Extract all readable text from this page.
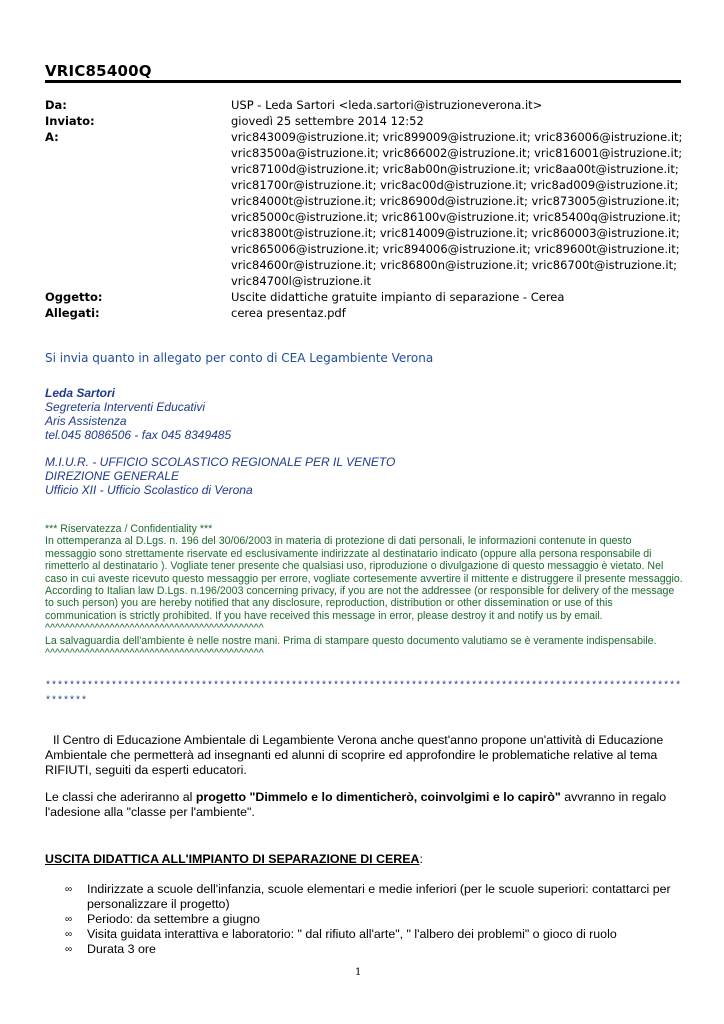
VRIC85400Q
Da:	USP - Leda Sartori <leda.sartori@istruzioneverona.it>
Inviato:	giovedì 25 settembre 2014 12:52
A:	vric843009@istruzione.it; vric899009@istruzione.it; vric836006@istruzione.it;
vric83500a@istruzione.it; vric866002@istruzione.it; vric816001@istruzione.it;
vric87100d@istruzione.it; vric8ab00n@istruzione.it; vric8aa00t@istruzione.it;
vric81700r@istruzione.it; vric8ac00d@istruzione.it; vric8ad009@istruzione.it;
vric84000t@istruzione.it; vric86900d@istruzione.it; vric873005@istruzione.it;
vric85000c@istruzione.it; vric86100v@istruzione.it; vric85400q@istruzione.it;
vric83800t@istruzione.it; vric814009@istruzione.it; vric860003@istruzione.it;
vric865006@istruzione.it; vric894006@istruzione.it; vric89600t@istruzione.it;
vric84600r@istruzione.it; vric86800n@istruzione.it; vric86700t@istruzione.it;
vric84700l@istruzione.it
Oggetto:	Uscite didattiche gratuite impianto di separazione - Cerea
Allegati:	cerea presentaz.pdf
Si invia quanto in allegato per conto di CEA Legambiente Verona
Leda Sartori
Segreteria Interventi Educativi
Aris Assistenza
tel.045 8086506 - fax 045 8349485
M.I.U.R. - UFFICIO SCOLASTICO REGIONALE PER IL VENETO
DIREZIONE GENERALE
Ufficio XII - Ufficio Scolastico di Verona

*** Riservatezza / Confidentiality ***

In ottemperanza al D.Lgs. n. 196 del 30/06/2003 in materia di protezione di dati personali, le informazioni contenute in questo messaggio sono strettamente riservate ed esclusivamente indirizzate al destinatario indicato (oppure alla persona responsabile di rimetterlo al destinatario ). Vogliate tener presente che qualsiasi uso, riproduzione o divulgazione di questo messaggio è vietato. Nel caso in cui aveste ricevuto questo messaggio per errore, vogliate cortesemente avvertire il mittente e distruggere il presente messaggio. According to Italian law D.Lgs. n.196/2003 concerning privacy, if you are not the addressee (or responsible for delivery of the message to such person) you are hereby notified that any disclosure, reproduction, distribution or other dissemination or use of this communication is strictly prohibited. If you have received this message in error, please destroy it and notify us by email.

^^^^^^^^^^^^^^^^^^^^^^^^^^^^^^^^^^^^^^^^^^^^

La salvaguardia dell'ambiente è nelle nostre mani. Prima di stampare questo documento valutiamo se è veramente indispensabile.

^^^^^^^^^^^^^^^^^^^^^^^^^^^^^^^^^^^^^^^^^^^^

*****************************************************************************************************************
Il Centro di Educazione Ambientale di Legambiente Verona anche quest'anno propone un'attività di Educazione Ambientale che permetterà ad insegnanti ed alunni di scoprire ed approfondire le problematiche relative al tema RIFIUTI, seguiti da esperti educatori.
Le classi che aderiranno al progetto "Dimmelo e lo dimenticherò, coinvolgimi e lo capirò" avvranno in regalo l'adesione alla "classe per l'ambiente".
USCITA DIDATTICA ALL'IMPIANTO DI SEPARAZIONE DI CEREA:
∞	Indirizzate a scuole dell'infanzia, scuole elementari e medie inferiori (per le scuole superiori: contattarci per personalizzare il progetto)
∞	Periodo: da settembre a giugno
∞	Visita guidata interattiva e laboratorio: " dal rifiuto all'arte", " l'albero dei problemi" o gioco di ruolo
∞	Durata 3 ore
1
